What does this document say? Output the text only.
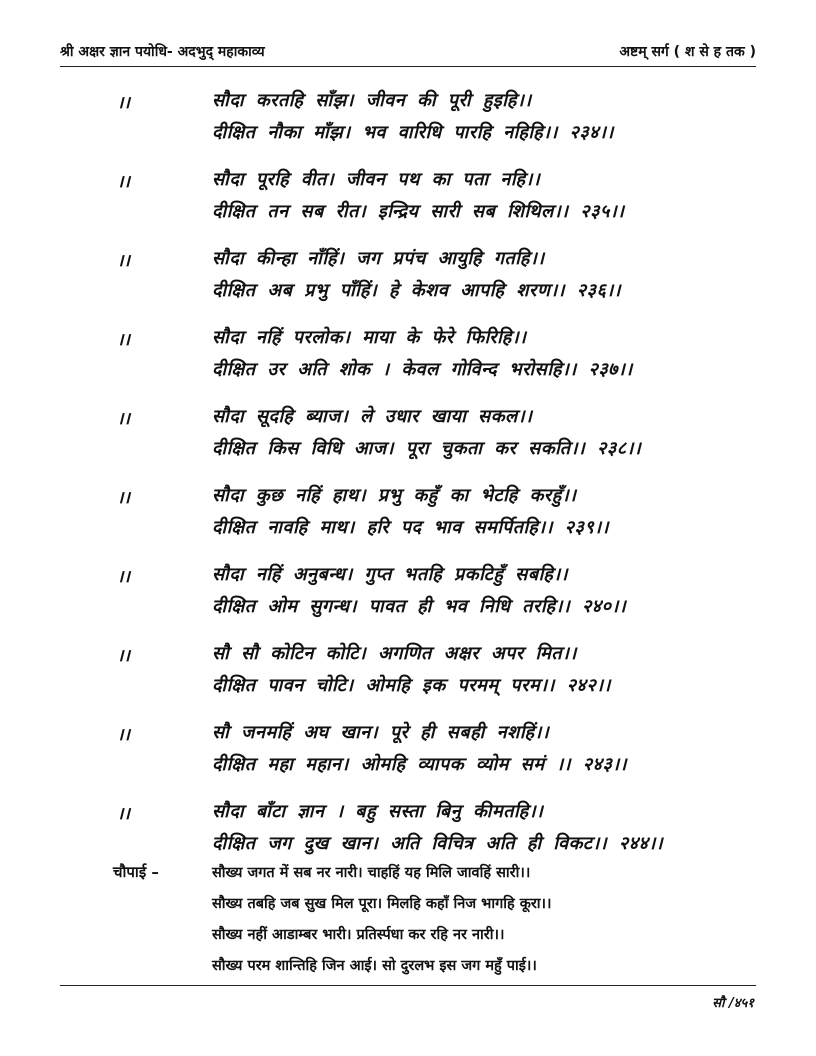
श्री अक्षर ज्ञान पयोधि- अदभुद् महाकाव्य	अष्टम् सर्ग ( श से ह तक )
।।	सौदा करतहि साँझ। जीवन की पूरी हुइहि।।
दीक्षित नौका माँझ। भव वारिधि पारहि नहिहि।। २३४।।
।।	सौदा पूरहि वीत। जीवन पथ का पता नहि।।
दीक्षित तन सब रीत। इन्द्रिय सारी सब शिथिल।। २३५।।
।।	सौदा कीन्हा नाँहिं। जग प्रपंच आयुहि गतहि।।
दीक्षित अब प्रभु पाँहिं। हे केशव आपहि शरण।। २३६।।
।।	सौदा नहिं परलोक। माया के फेरे फिरिहि।।
दीक्षित उर अति शोक । केवल गोविन्द भरोसहि।। २३७।।
।।	सौदा सूदहि ब्याज। ले उधार खाया सकल।।
दीक्षित किस विधि आज। पूरा चुकता कर सकति।। २३८।।
।।	सौदा कुछ नहिं हाथ। प्रभु कहुँ का भेटहि करहुँ।।
दीक्षित नावहि माथ। हरि पद भाव समर्पितहि।। २३९।।
।।	सौदा नहिं अनुबन्ध। गुप्त भतहि प्रकटिहुँ सबहि।।
दीक्षित ओम सुगन्ध। पावत ही भव निधि तरहि।। २४०।।
।।	सौ सौ कोटिन कोटि। अगणित अक्षर अपर मित।।
दीक्षित पावन चोटि। ओमहि इक परमम् परम।। २४२।।
।।	सौ जनमहिं अघ खान। पूरे ही सबही नशहिं।।
दीक्षित महा महान। ओमहि व्यापक व्योम समं ।। २४३।।
।।	सौदा बाँटा ज्ञान । बहु सस्ता बिनु कीमतहि।।
दीक्षित जग दुख खान। अति विचित्र अति ही विकट।। २४४।।
चौपाई –	सौख्य जगत में सब नर नारी। चाहहिं यह मिलि जावहिं सारी।।
सौख्य तबहि जब सुख मिल पूरा। मिलहि कहाँ निज भागहि कूरा।।
सौख्य नहीं आडाम्बर भारी। प्रतिर्स्पधा कर रहि नर नारी।।
सौख्य परम शान्तिहि जिन आई। सो दुरलभ इस जग महुँ पाई।।
सौ /४५१
